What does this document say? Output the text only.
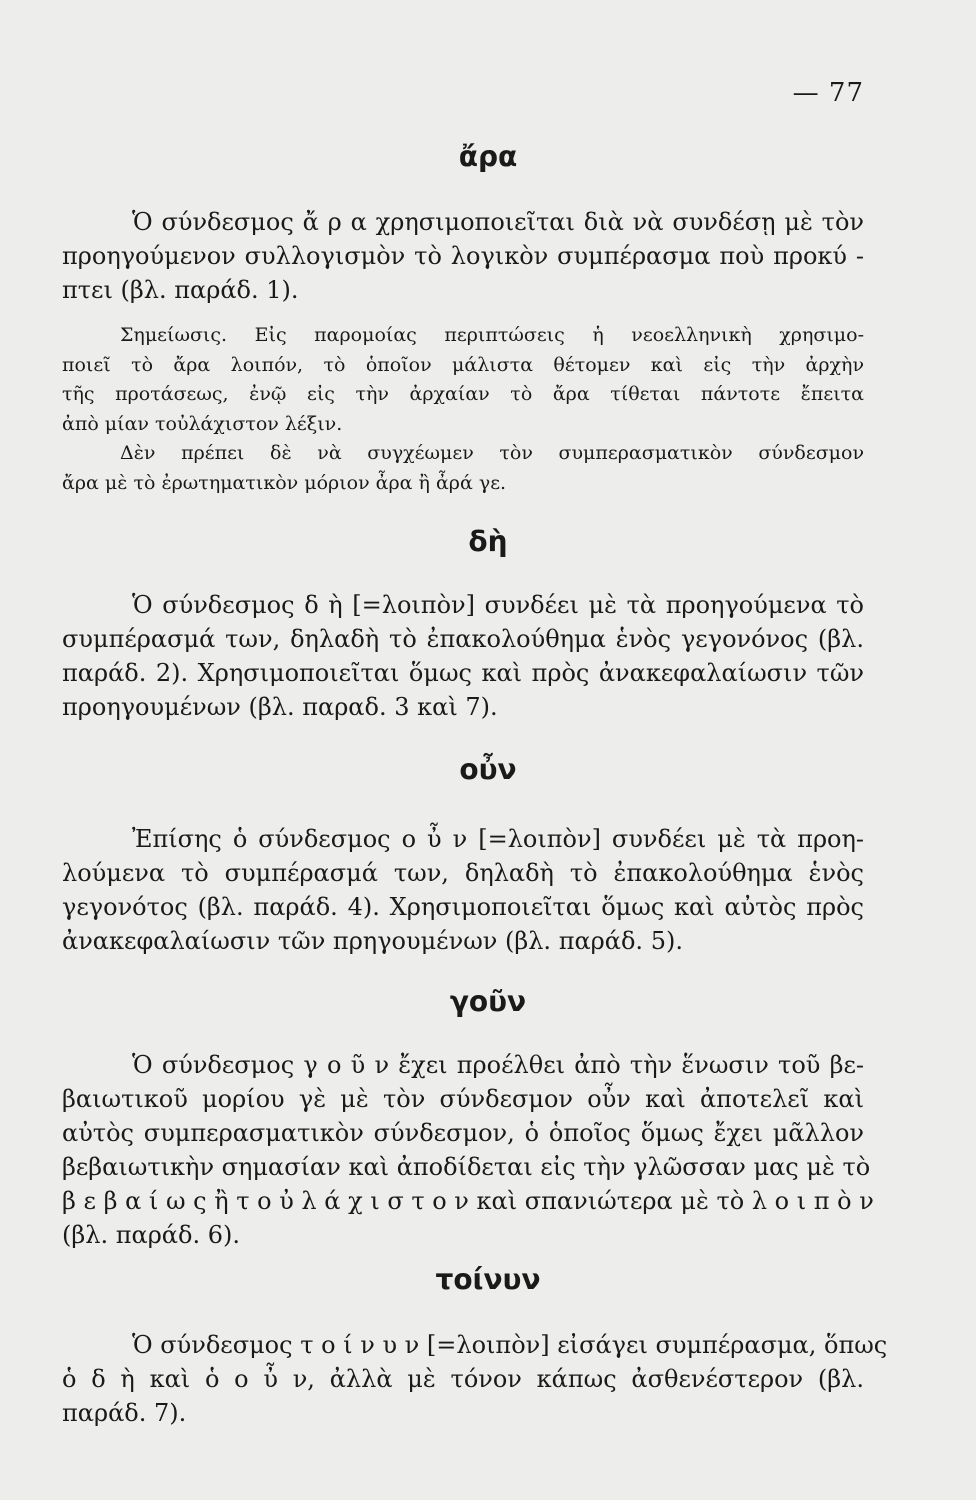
— 77
ἄρα
Ὁ σύνδεσμος ἄ ρ α χρησιμοποιεῖται διὰ νὰ συνδέσῃ μὲ τὸν
προηγούμενον συλλογισμὸν τὸ λογικὸν συμπέρασμα ποὺ προκύ -
πτει (βλ. παράδ. 1).
Σημείωσις. Εἰς παρομοίας περιπτώσεις ἡ νεοελληνικὴ χρησιμο-
ποιεῖ τὸ ἄρα λοιπόν, τὸ ὁποῖον μάλιστα θέτομεν καὶ εἰς τὴν ἀρχὴν
τῆς προτάσεως, ἐνῷ εἰς τὴν ἀρχαίαν τὸ ἄρα τίθεται πάντοτε ἔπειτα
ἀπὸ μίαν τοὐλάχιστον λέξιν.
Δὲν πρέπει δὲ νὰ συγχέωμεν τὸν συμπερασματικὸν σύνδεσμον
ἄρα μὲ τὸ ἐρωτηματικὸν μόριον ἆρα ἢ ἆρά γε.
δὴ
Ὁ σύνδεσμος δ ὴ [=λοιπὸν] συνδέει μὲ τὰ προηγούμενα τὸ
συμπέρασμά των, δηλαδὴ τὸ ἐπακολούθημα ἑνὸς γεγονόνος (βλ.
παράδ. 2). Χρησιμοποιεῖται ὅμως καὶ πρὸς ἀνακεφαλαίωσιν τῶν
προηγουμένων (βλ. παραδ. 3 καὶ 7).
οὖν
Ἐπίσης ὁ σύνδεσμος ο ὖ ν [=λοιπὸν] συνδέει μὲ τὰ προη-
λούμενα τὸ συμπέρασμά των, δηλαδὴ τὸ ἐπακολούθημα ἑνὸς
γεγονότος (βλ. παράδ. 4). Χρησιμοποιεῖται ὅμως καὶ αὐτὸς πρὸς
ἀνακεφαλαίωσιν τῶν πρηγουμένων (βλ. παράδ. 5).
γοῦν
Ὁ σύνδεσμος γ ο ῦ ν ἔχει προέλθει ἀπὸ τὴν ἕνωσιν τοῦ βε-
βαιωτικοῦ μορίου γὲ μὲ τὸν σύνδεσμον οὖν καὶ ἀποτελεῖ καὶ
αὐτὸς συμπερασματικὸν σύνδεσμον, ὁ ὁποῖος ὅμως ἔχει μᾶλλον
βεβαιωτικὴν σημασίαν καὶ ἀποδίδεται εἰς τὴν γλῶσσαν μας μὲ τὸ
β ε β α ί ω ς ἢ τ ο ὐ λ ά χ ι σ τ ο ν καὶ σπανιώτερα μὲ τὸ λ ο ι π ὸ ν
(βλ. παράδ. 6).
τοίνυν
Ὁ σύνδεσμος τ ο ί ν υ ν [=λοιπὸν] εἰσάγει συμπέρασμα, ὅπως
ὁ δ ὴ καὶ ὁ ο ὖ ν, ἀλλὰ μὲ τόνον κάπως ἀσθενέστερον (βλ.
παράδ. 7).
